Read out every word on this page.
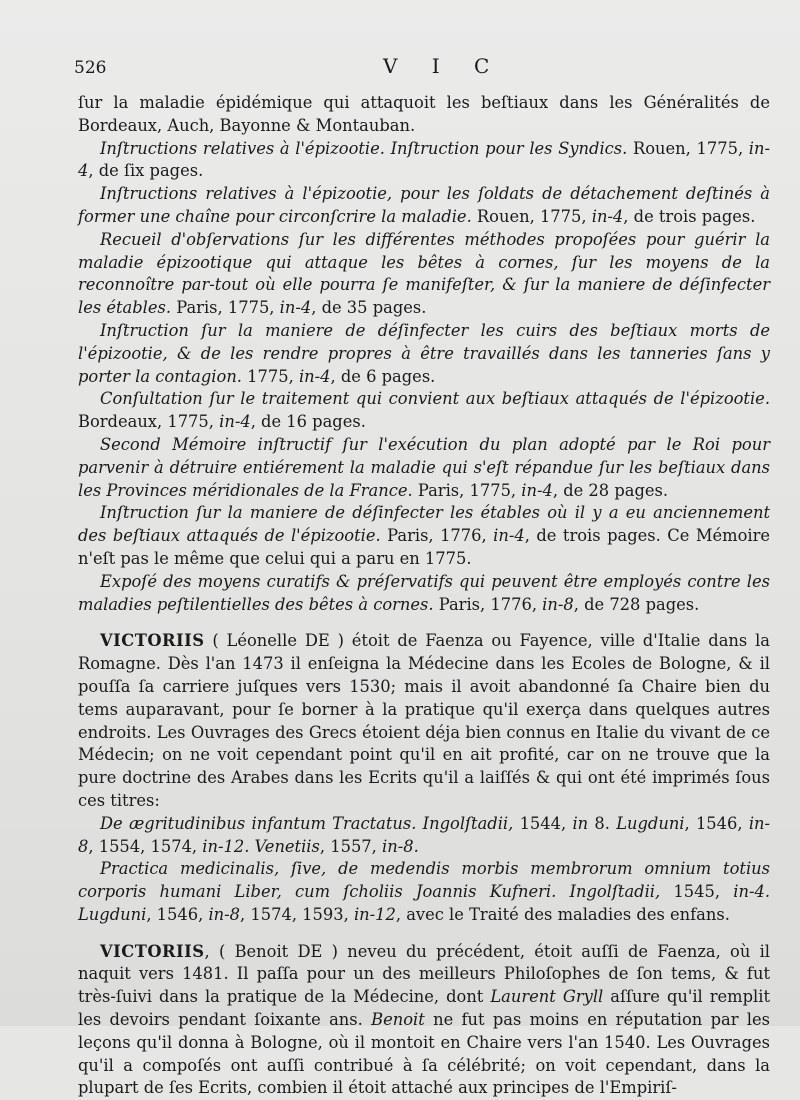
526	V I C

ſur la maladie épidémique qui attaquoit les beſtiaux dans les Généralités de Bordeaux, Auch, Bayonne & Montauban.

Inſtructions relatives à l'épizootie. Inſtruction pour les Syndics. Rouen, 1775, in-4, de ſix pages.

Inſtructions relatives à l'épizootie, pour les ſoldats de détachement deſtinés à former une chaîne pour circonſcrire la maladie. Rouen, 1775, in-4, de trois pages.

Recueil d'obſervations ſur les différentes méthodes propoſées pour guérir la maladie épizootique qui attaque les bêtes à cornes, ſur les moyens de la reconnoître par-tout où elle pourra ſe manifeſter, & ſur la maniere de déſinfecter les étables. Paris, 1775, in-4, de 35 pages.

Inſtruction ſur la maniere de déſinfecter les cuirs des beſtiaux morts de l'épizootie, & de les rendre propres à être travaillés dans les tanneries ſans y porter la contagion. 1775, in-4, de 6 pages.

Conſultation ſur le traitement qui convient aux beſtiaux attaqués de l'épizootie. Bordeaux, 1775, in-4, de 16 pages.

Second Mémoire inſtructif ſur l'exécution du plan adopté par le Roi pour parvenir à détruire entiérement la maladie qui s'eſt répandue ſur les beſtiaux dans les Provinces méridionales de la France. Paris, 1775, in-4, de 28 pages.

Inſtruction ſur la maniere de déſinfecter les étables où il y a eu anciennement des beſtiaux attaqués de l'épizootie. Paris, 1776, in-4, de trois pages. Ce Mémoire n'eſt pas le même que celui qui a paru en 1775.

Expoſé des moyens curatifs & préſervatifs qui peuvent être employés contre les maladies peſtilentielles des bêtes à cornes. Paris, 1776, in-8, de 728 pages.

VICTORIIS ( Léonelle DE ) étoit de Faenza ou Fayence, ville d'Italie dans la Romagne. Dès l'an 1473 il enſeigna la Médecine dans les Ecoles de Bologne, & il pouſſa ſa carriere juſques vers 1530; mais il avoit abandonné ſa Chaire bien du tems auparavant, pour ſe borner à la pratique qu'il exerça dans quelques autres endroits. Les Ouvrages des Grecs étoient déja bien connus en Italie du vivant de ce Médecin; on ne voit cependant point qu'il en ait profité, car on ne trouve que la pure doctrine des Arabes dans les Ecrits qu'il a laiſſés & qui ont été imprimés ſous ces titres:

De ægritudinibus infantum Tractatus. Ingolſtadii, 1544, in 8. Lugduni, 1546, in-8, 1554, 1574, in-12. Venetiis, 1557, in-8.

Practica medicinalis, ſive, de medendis morbis membrorum omnium totius corporis humani Liber, cum ſcholiis Joannis Kufneri. Ingolſtadii, 1545, in-4. Lugduni, 1546, in-8, 1574, 1593, in-12, avec le Traité des maladies des enfans.

VICTORIIS, ( Benoit DE ) neveu du précédent, étoit auſſi de Faenza, où il naquit vers 1481. Il paſſa pour un des meilleurs Philoſophes de ſon tems, & fut très-ſuivi dans la pratique de la Médecine, dont Laurent Gryll aſſure qu'il remplit les devoirs pendant ſoixante ans. Benoit ne fut pas moins en réputation par les leçons qu'il donna à Bologne, où il montoit en Chaire vers l'an 1540. Les Ouvrages qu'il a compoſés ont auſſi contribué à ſa célébrité; on voit cependant, dans la plupart de ſes Ecrits, combien il étoit attaché aux principes de l'Empiriſ-
